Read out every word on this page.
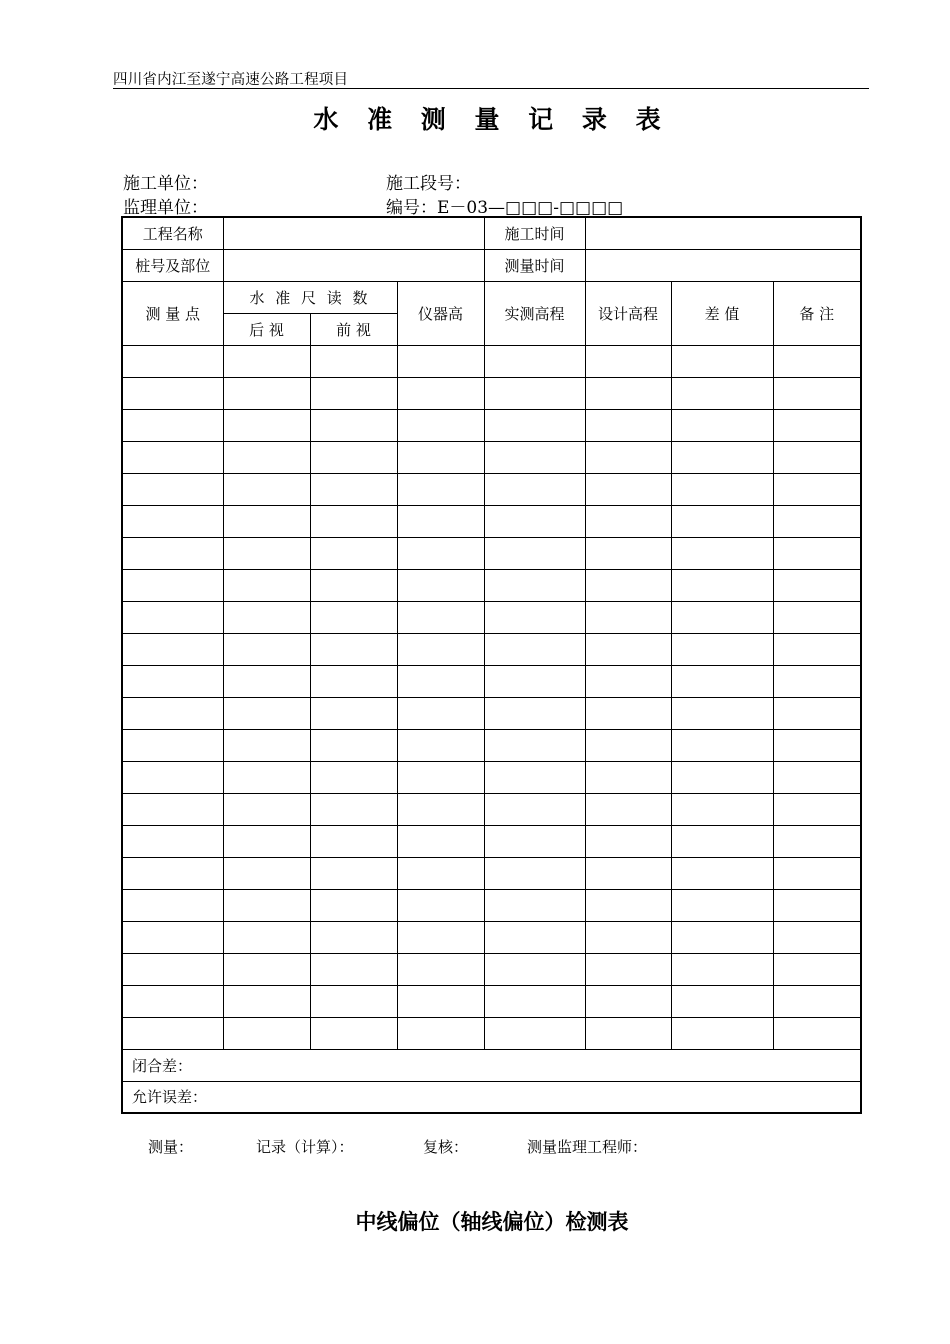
四川省内江至遂宁高速公路工程项目
水 准 测 量 记 录 表
施工单位：	施工段号：
监理单位：	编号：E－03—□□□-□□□□
工程名称				施工时间			
桩号及部位				测量时间			
测 量 点	水 准 尺 读 数		仪器高	实测高程	设计高程	差 值	备 注
	后 视	前 视					

闭合差：							
允许误差：							
测量：	记录（计算）：	复核：	测量监理工程师：
中线偏位（轴线偏位）检测表
